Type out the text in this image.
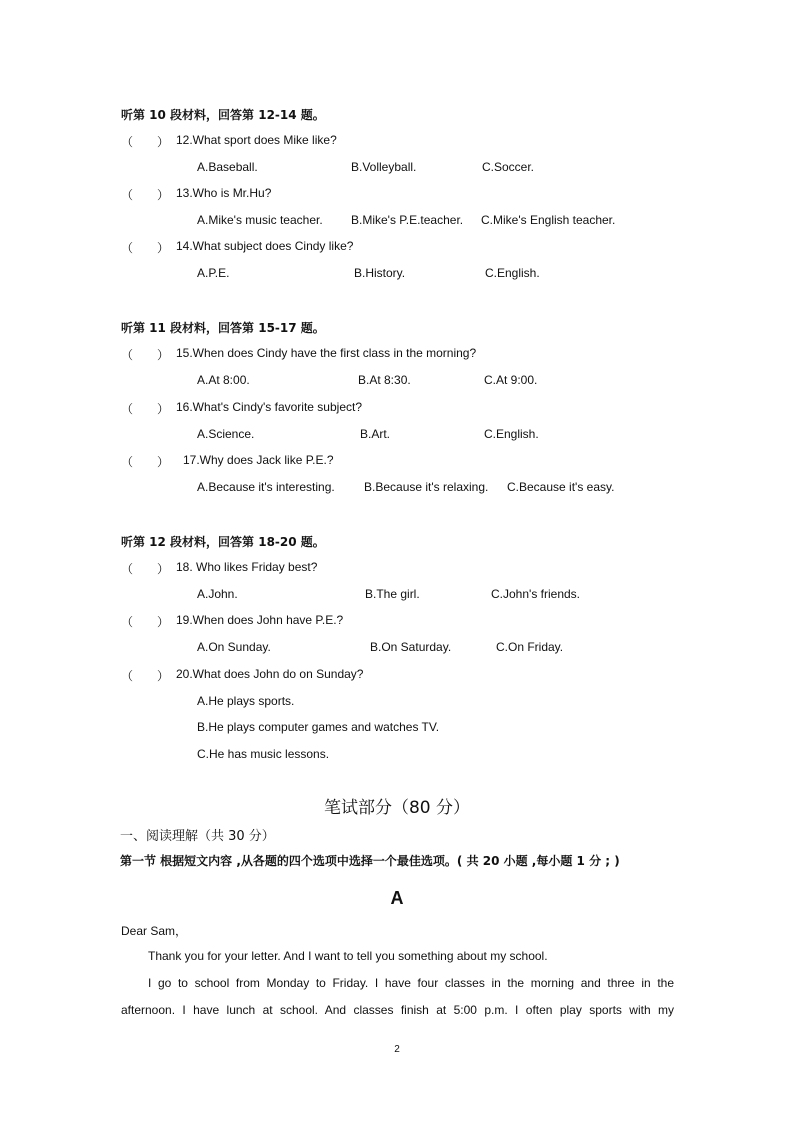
听第 10 段材料，回答第 12-14 题。
（　　） 12.What sport does Mike like?
A.Baseball.	B.Volleyball.	C.Soccer.
（　　） 13.Who is Mr.Hu?
A.Mike's music teacher. B.Mike's P.E.teacher. C.Mike's English teacher.
（　　） 14.What subject does Cindy like?
A.P.E.	B.History.	C.English.
听第 11 段材料，回答第 15-17 题。
（　　） 15.When does Cindy have the first class in the morning?
A.At 8:00.	B.At 8:30.	C.At 9:00.
（　　） 16.What's Cindy's favorite subject?
A.Science.	B.Art.	C.English.
（　　） 17.Why does Jack like P.E.?
A.Because it's interesting. B.Because it's relaxing. C.Because it's easy.
听第 12 段材料，回答第 18-20 题。
（　　） 18. Who likes Friday best?
A.John.	B.The girl.	C.John's friends.
（　　） 19.When does John have P.E.?
A.On Sunday.	B.On Saturday.	C.On Friday.
（　　） 20.What does John do on Sunday?
A.He plays sports.
B.He plays computer games and watches TV.
C.He has music lessons.
笔试部分（80 分）
一、阅读理解（共 30 分）
第一节 根据短文内容 ,从各题的四个选项中选择一个最佳选项。( 共 20 小题 ,每小题 1 分 ; )
A
Dear Sam，
Thank you for your letter. And I want to tell you something about my school.
I go to school from Monday to Friday. I have four classes in the morning and three in the
afternoon. I have lunch at school. And classes finish at 5:00 p.m. I often play sports with my
2
